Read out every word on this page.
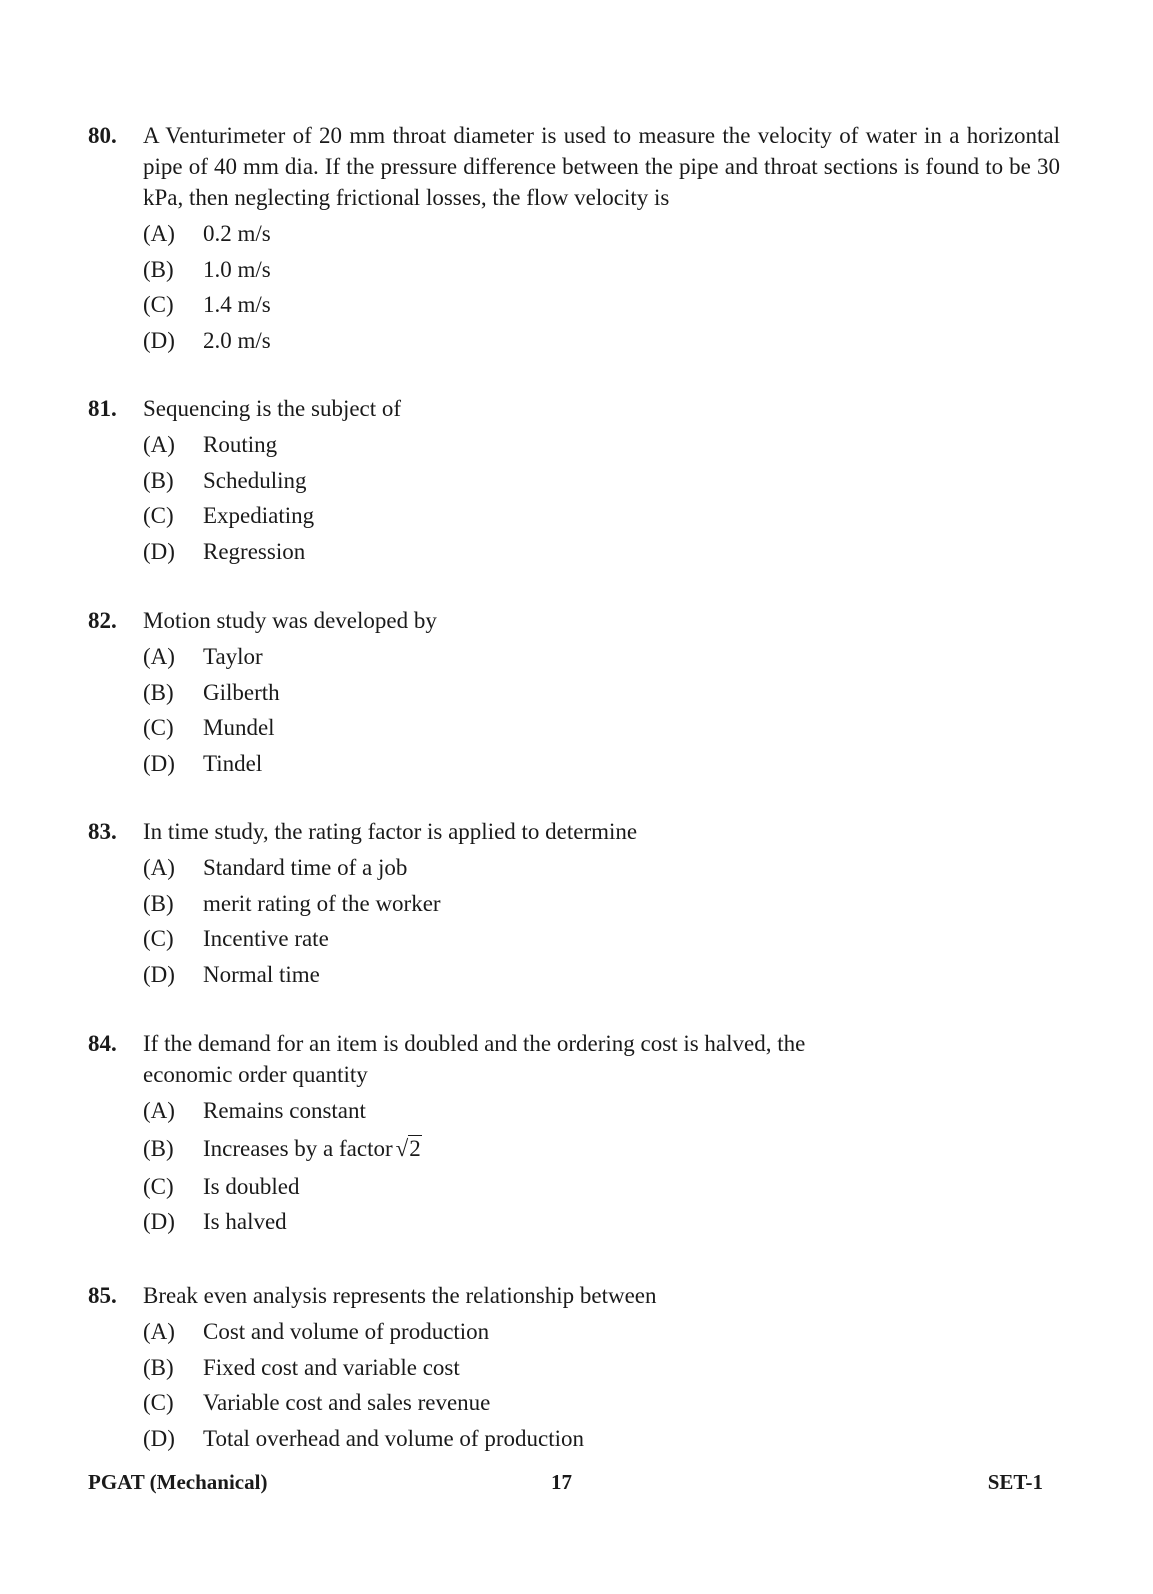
80.	A Venturimeter of 20 mm throat diameter is used to measure the velocity of water in a horizontal pipe of 40 mm dia. If the pressure difference between the pipe and throat sections is found to be 30 kPa, then neglecting frictional losses, the flow velocity is
(A)	0.2 m/s
(B)	1.0 m/s
(C)	1.4 m/s
(D)	2.0 m/s
81.	Sequencing is the subject of
(A)	Routing
(B)	Scheduling
(C)	Expediating
(D)	Regression
82.	Motion study was developed by
(A)	Taylor
(B)	Gilberth
(C)	Mundel
(D)	Tindel
83.	In time study, the rating factor is applied to determine
(A)	Standard time of a job
(B)	merit rating of the worker
(C)	Incentive rate
(D)	Normal time
84.	If the demand for an item is doubled and the ordering cost is halved, the economic order quantity
(A)	Remains constant
(B)	Increases by a factor √2
(C)	Is doubled
(D)	Is halved
85.	Break even analysis represents the relationship between
(A)	Cost and volume of production
(B)	Fixed cost and variable cost
(C)	Variable cost and sales revenue
(D)	Total overhead and volume of production
PGAT (Mechanical)	17	SET-1
